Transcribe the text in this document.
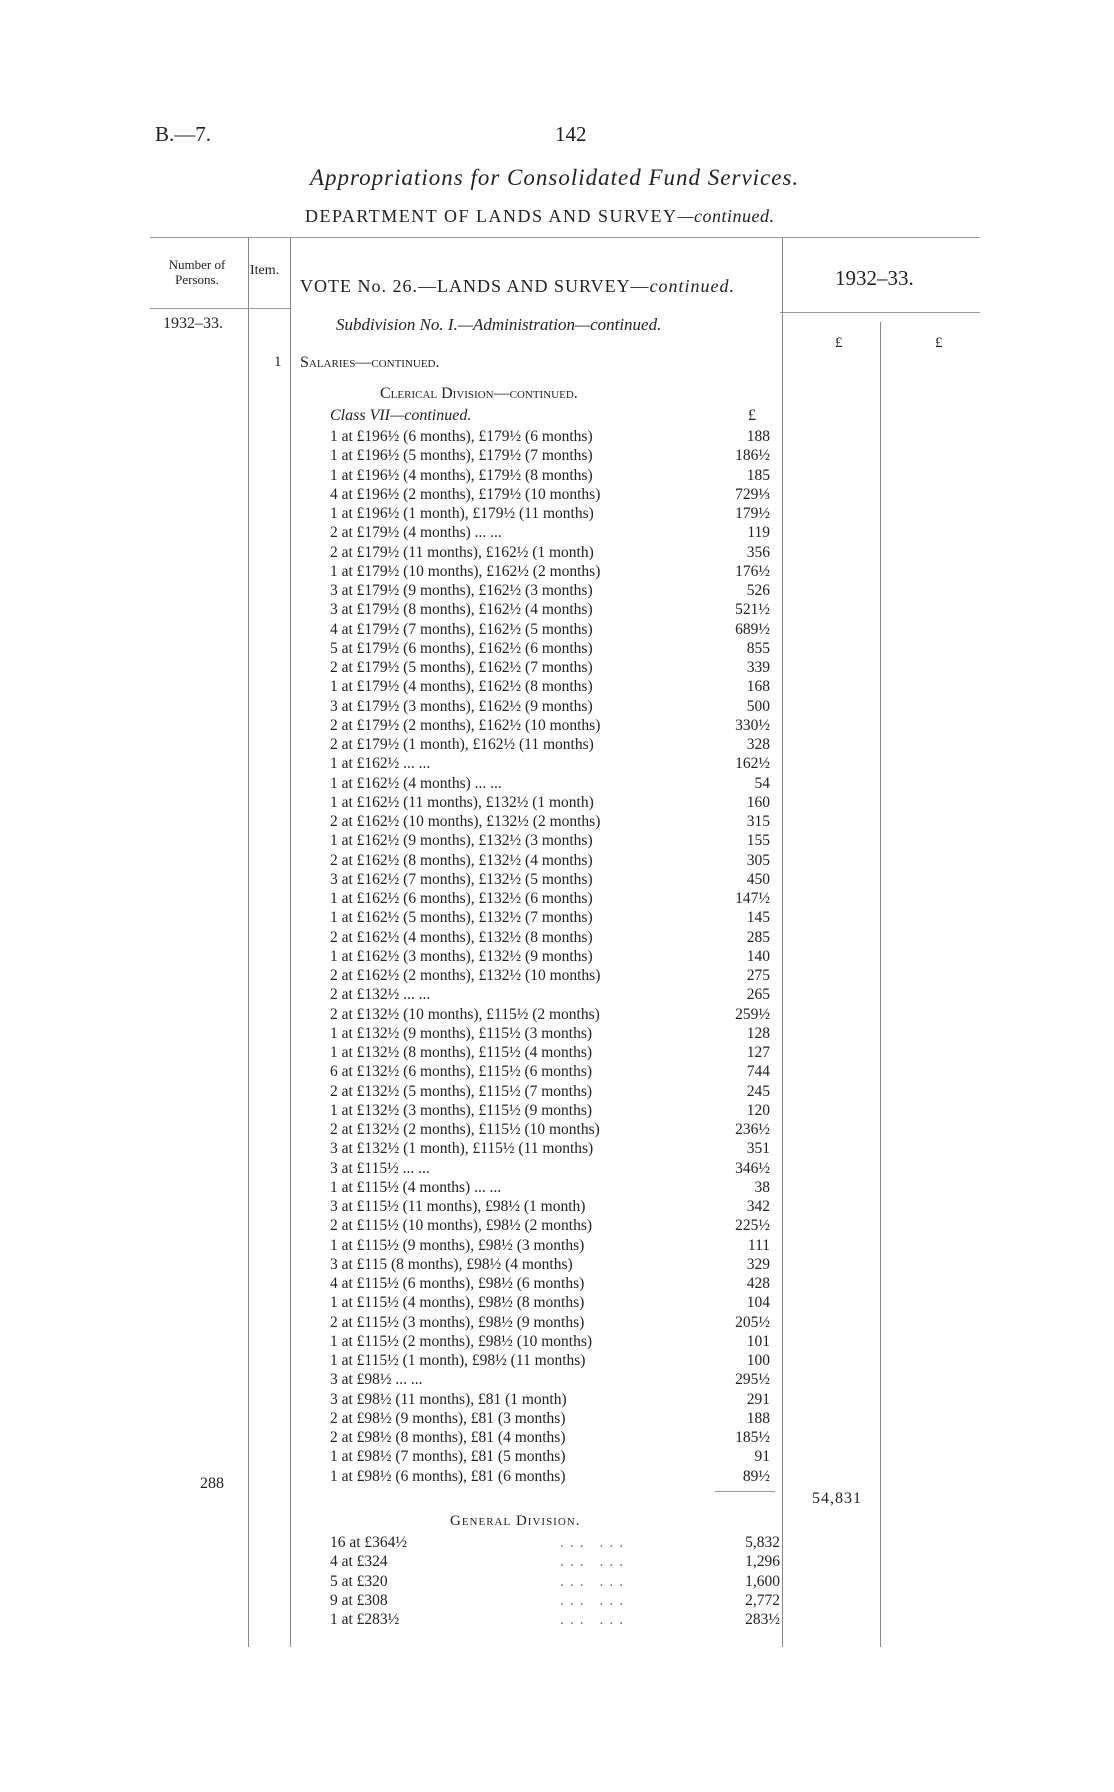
B.—7.	142
Appropriations for Consolidated Fund Services.
DEPARTMENT OF LANDS AND SURVEY—continued.
Number of Persons.
Item.
VOTE No. 26.—LANDS AND SURVEY—continued.	1932–33.
1932–33.	Subdivision No. I.—Administration—continued.
£	£
1 Salaries—continued.
Clerical Division—continued.
Class VII—continued.	£
1 at £196½ (6 months), £179½ (6 months)	188
1 at £196½ (5 months), £179½ (7 months)	186½
1 at £196½ (4 months), £179½ (8 months)	185
4 at £196½ (2 months), £179½ (10 months)	729⅓
1 at £196½ (1 month), £179½ (11 months)	179½
2 at £179½ (4 months) ... ...	119
2 at £179½ (11 months), £162½ (1 month)	356
1 at £179½ (10 months), £162½ (2 months)	176½
3 at £179½ (9 months), £162½ (3 months)	526
3 at £179½ (8 months), £162½ (4 months)	521½
4 at £179½ (7 months), £162½ (5 months)	689½
5 at £179½ (6 months), £162½ (6 months)	855
2 at £179½ (5 months), £162½ (7 months)	339
1 at £179½ (4 months), £162½ (8 months)	168
3 at £179½ (3 months), £162½ (9 months)	500
2 at £179½ (2 months), £162½ (10 months)	330½
2 at £179½ (1 month), £162½ (11 months)	328
1 at £162½ ... ...	162½
1 at £162½ (4 months) ... ...	54
1 at £162½ (11 months), £132½ (1 month)	160
2 at £162½ (10 months), £132½ (2 months)	315
1 at £162½ (9 months), £132½ (3 months)	155
2 at £162½ (8 months), £132½ (4 months)	305
3 at £162½ (7 months), £132½ (5 months)	450
1 at £162½ (6 months), £132½ (6 months)	147½
1 at £162½ (5 months), £132½ (7 months)	145
2 at £162½ (4 months), £132½ (8 months)	285
1 at £162½ (3 months), £132½ (9 months)	140
2 at £162½ (2 months), £132½ (10 months)	275
2 at £132½ ... ...	265
2 at £132½ (10 months), £115½ (2 months)	259½
1 at £132½ (9 months), £115½ (3 months)	128
1 at £132½ (8 months), £115½ (4 months)	127
6 at £132½ (6 months), £115½ (6 months)	744
2 at £132½ (5 months), £115½ (7 months)	245
1 at £132½ (3 months), £115½ (9 months)	120
2 at £132½ (2 months), £115½ (10 months)	236½
3 at £132½ (1 month), £115½ (11 months)	351
3 at £115½ ... ...	346½
1 at £115½ (4 months) ... ...	38
3 at £115½ (11 months), £98½ (1 month)	342
2 at £115½ (10 months), £98½ (2 months)	225½
1 at £115½ (9 months), £98½ (3 months)	111
3 at £115 (8 months), £98½ (4 months)	329
4 at £115½ (6 months), £98½ (6 months)	428
1 at £115½ (4 months), £98½ (8 months)	104
2 at £115½ (3 months), £98½ (9 months)	205½
1 at £115½ (2 months), £98½ (10 months)	101
1 at £115½ (1 month), £98½ (11 months)	100
3 at £98½ ... ...	295½
3 at £98½ (11 months), £81 (1 month)	291
2 at £98½ (9 months), £81 (3 months)	188
2 at £98½ (8 months), £81 (4 months)	185½
1 at £98½ (7 months), £81 (5 months)	91
1 at £98½ (6 months), £81 (6 months)	89½
288
54,831
General Division.
16 at £364½	... ...	5,832
4 at £324	... ...	1,296
5 at £320	... ...	1,600
9 at £308	... ...	2,772
1 at £283½	... ...	283½
